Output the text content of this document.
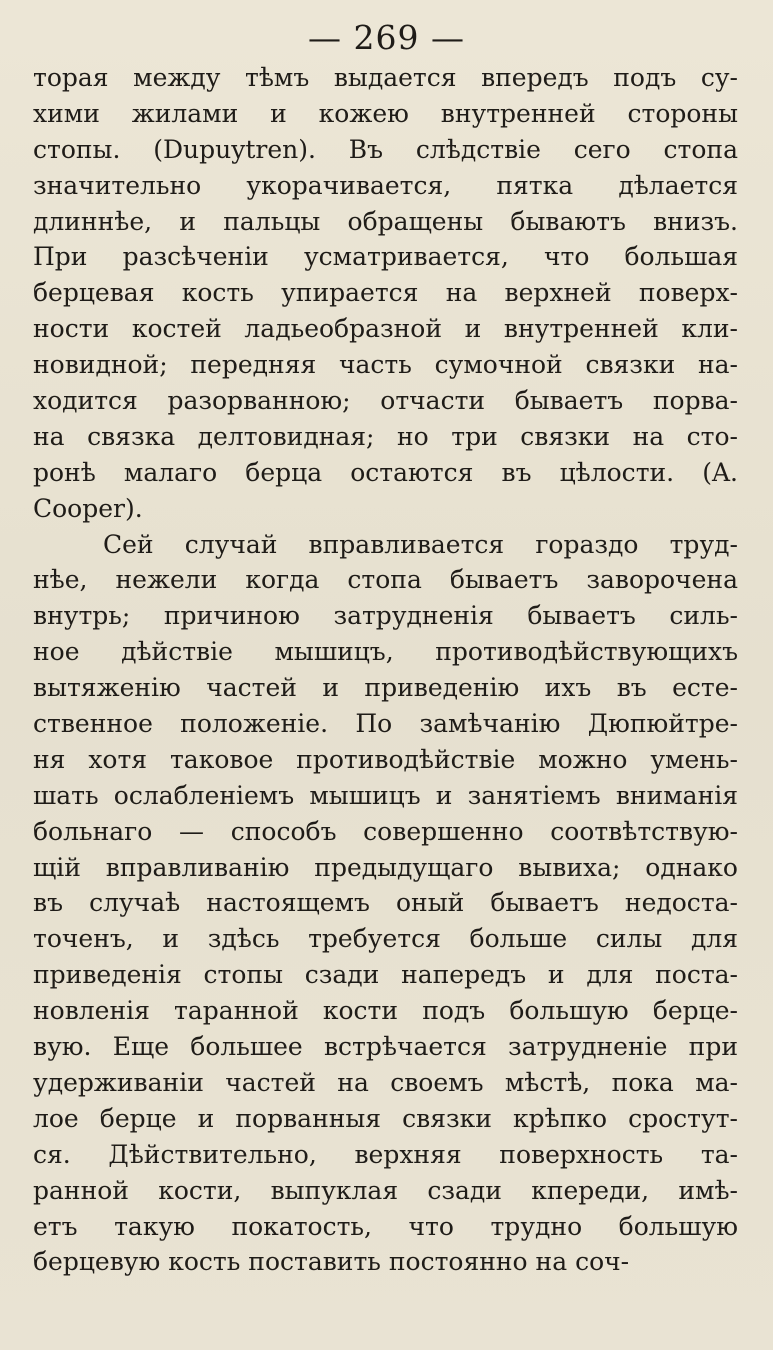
— 269 —
торая между тѣмъ выдается впередъ подъ су-
хими жилами и кожею внутренней стороны
стопы. (Dupuytren). Въ слѣдствіе сего стопа
значительно укорачивается, пятка дѣлается
длиннѣе, и пальцы обращены бываютъ внизъ.
При разсѣченіи усматривается, что большая
берцевая кость упирается на верхней поверх-
ности костей ладьеобразной и внутренней кли-
новидной; передняя часть сумочной связки на-
ходится разорванною; отчасти бываетъ порва-
на связка делтовидная; но три связки на сто-
ронѣ малаго берца остаются въ цѣлости. (A.
Cooper).
Сей случай вправливается гораздо труд-
нѣе, нежели когда стопа бываетъ заворочена
внутрь; причиною затрудненія бываетъ силь-
ное дѣйствіе мышицъ, противодѣйствующихъ
вытяженію частей и приведенію ихъ въ есте-
ственное положеніе. По замѣчанію Дюпюйтре-
ня хотя таковое противодѣйствіе можно умень-
шать ослабленіемъ мышицъ и занятіемъ вниманія
больнаго — способъ совершенно соотвѣтствую-
щій вправливанію предыдущаго вывиха; однако
въ случаѣ настоящемъ оный бываетъ недоста-
точенъ, и здѣсь требуется больше силы для
приведенія стопы сзади напередъ и для поста-
новленія таранной кости подъ большую берце-
вую. Еще большее встрѣчается затрудненіе при
удерживаніи частей на своемъ мѣстѣ, пока ма-
лое берце и порванныя связки крѣпко сростут-
ся. Дѣйствительно, верхняя поверхность та-
ранной кости, выпуклая сзади кпереди, имѣ-
етъ такую покатость, что трудно большую
берцевую кость поставить постоянно на соч-
